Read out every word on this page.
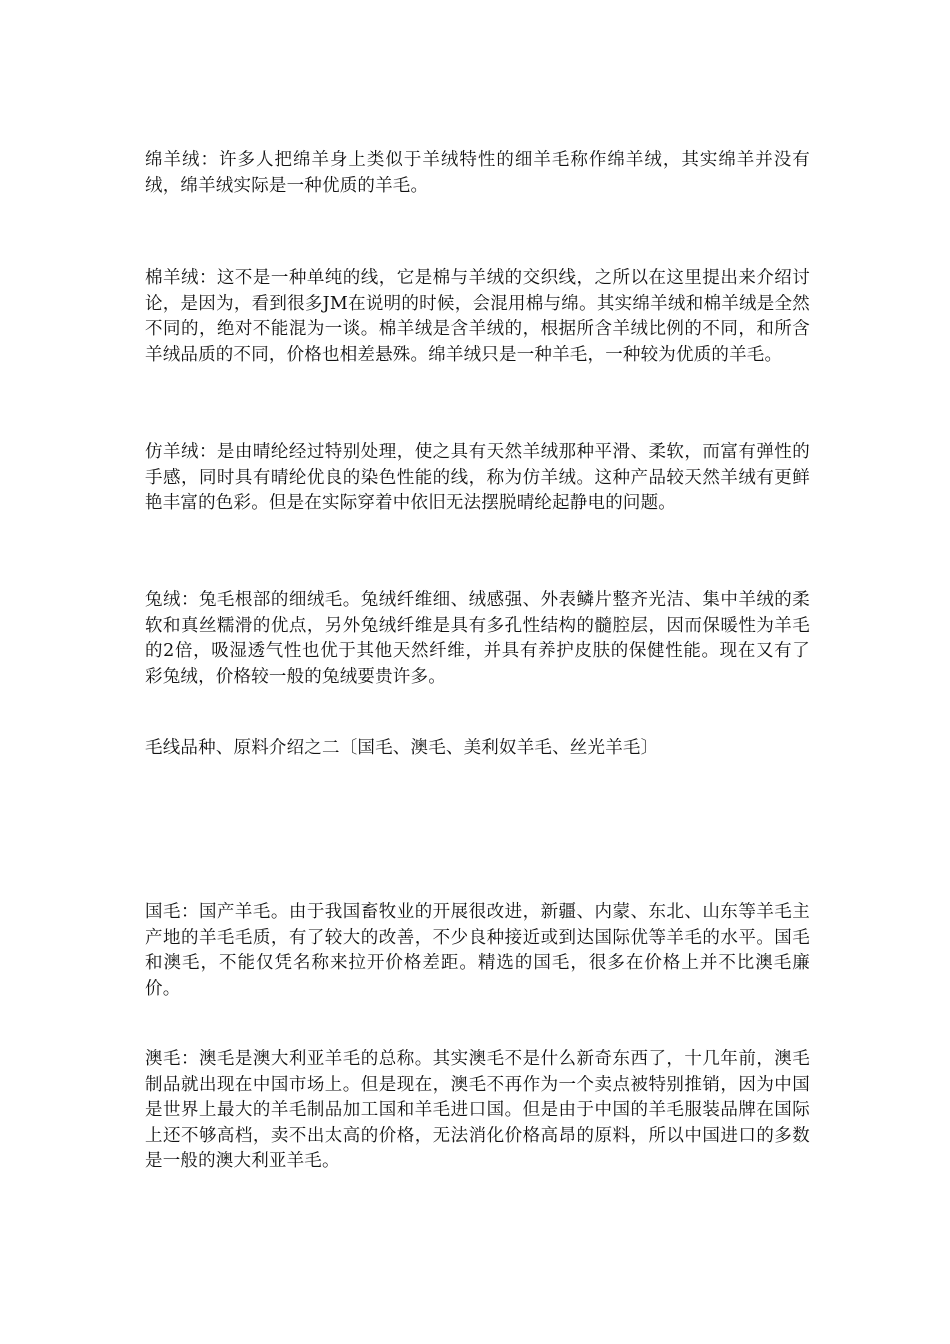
绵羊绒：许多人把绵羊身上类似于羊绒特性的细羊毛称作绵羊绒，其实绵羊并没有绒，绵羊绒实际是一种优质的羊毛。

棉羊绒：这不是一种单纯的线，它是棉与羊绒的交织线，之所以在这里提出来介绍讨论，是因为，看到很多JM在说明的时候，会混用棉与绵。其实绵羊绒和棉羊绒是全然不同的，绝对不能混为一谈。棉羊绒是含羊绒的，根据所含羊绒比例的不同，和所含羊绒品质的不同，价格也相差悬殊。绵羊绒只是一种羊毛，一种较为优质的羊毛。

仿羊绒：是由晴纶经过特别处理，使之具有天然羊绒那种平滑、柔软，而富有弹性的手感，同时具有晴纶优良的染色性能的线，称为仿羊绒。这种产品较天然羊绒有更鲜艳丰富的色彩。但是在实际穿着中依旧无法摆脱晴纶起静电的问题。

兔绒：兔毛根部的细绒毛。兔绒纤维细、绒感强、外表鳞片整齐光洁、集中羊绒的柔软和真丝糯滑的优点，另外兔绒纤维是具有多孔性结构的髓腔层，因而保暖性为羊毛的2倍，吸湿透气性也优于其他天然纤维，并具有养护皮肤的保健性能。现在又有了彩兔绒，价格较一般的兔绒要贵许多。

毛线品种、原料介绍之二〔国毛、澳毛、美利奴羊毛、丝光羊毛〕

国毛：国产羊毛。由于我国畜牧业的开展很改进，新疆、内蒙、东北、山东等羊毛主产地的羊毛毛质，有了较大的改善，不少良种接近或到达国际优等羊毛的水平。国毛和澳毛，不能仅凭名称来拉开价格差距。精选的国毛，很多在价格上并不比澳毛廉价。

澳毛：澳毛是澳大利亚羊毛的总称。其实澳毛不是什么新奇东西了，十几年前，澳毛制品就出现在中国市场上。但是现在，澳毛不再作为一个卖点被特别推销，因为中国是世界上最大的羊毛制品加工国和羊毛进口国。但是由于中国的羊毛服装品牌在国际上还不够高档，卖不出太高的价格，无法消化价格高昂的原料，所以中国进口的多数是一般的澳大利亚羊毛。
